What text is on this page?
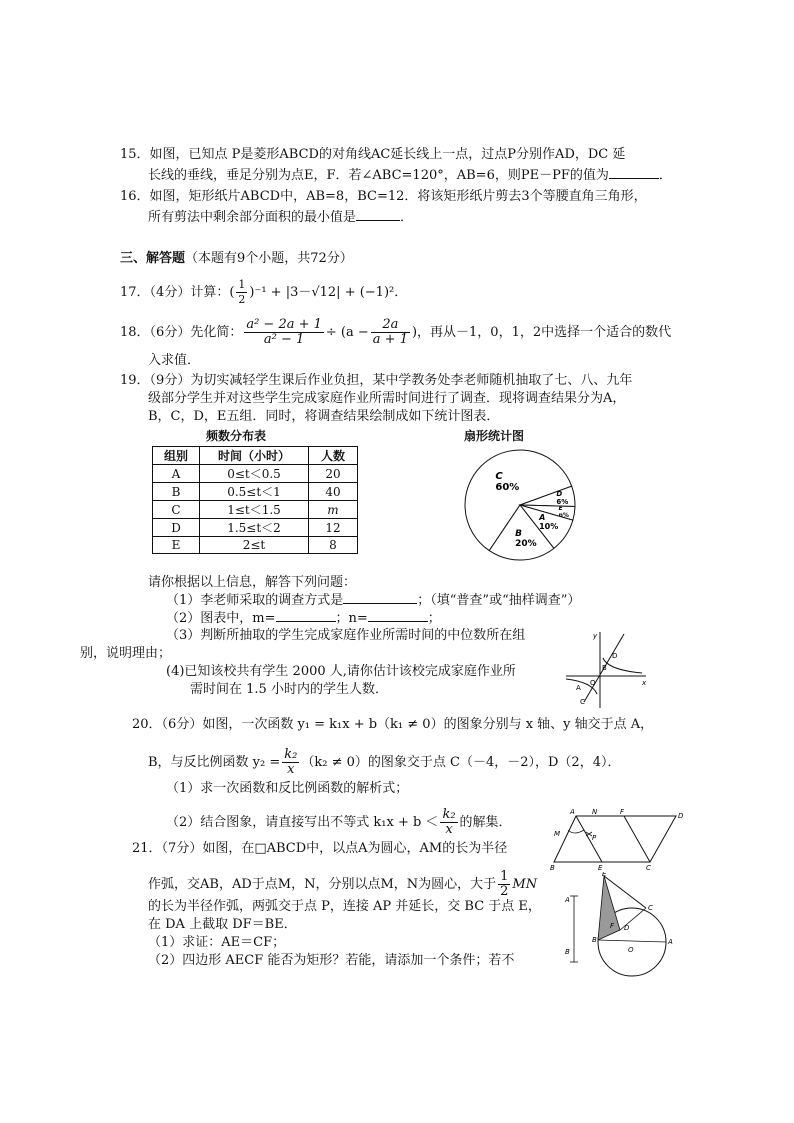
15．如图，已知点 P是菱形ABCD的对角线AC延长线上一点，过点P分别作AD，DC 延
长线的垂线，垂足分别为点E，F．若∠ABC=120°，AB=6，则PE－PF的值为	．
16．如图，矩形纸片ABCD中，AB=8，BC=12．将该矩形纸片剪去3个等腰直角三角形，
所有剪法中剩余部分面积的最小值是	．
三、解答题（本题有9个小题，共72分）
17．（4分）计算：( $\frac{1}{2} )^{-1} + |3-√12| + (-1)^2$．
18．（6分）先化简： $\frac{\text{a² − 2a + 1}}{\text{a² − 1}} \div (a - \frac{2a}{a + 1}$ )，再从－1，0，1，2中选择一个适合的数代
入求值．
19．（9分）为切实减轻学生课后作业负担，某中学教务处李老师随机抽取了七、八、九年
级部分学生并对这些学生完成家庭作业所需时间进行了调查．现将调查结果分为A，
B，C，D，E五组．同时，将调查结果绘制成如下统计图表．
频数分布表	扇形统计图
组别	时间（小时）	人数
A	0≤t＜0.5	20
B	0.5≤t＜1	40
C	1≤t＜1.5	m
D	1.5≤t＜2	12
E	2≤t	8
C
60%
D
6%
E
n%
A
10%
B
20%
请你根据以上信息，解答下列问题：
（1）李老师采取的调查方式是	；（填“普查”或“抽样调查”）
（2）图表中，m=	；n=	；
（3）判断所抽取的学生完成家庭作业所需时间的中位数所在组
别，说明理由；
(4)已知该校共有学生 2000 人,请你估计该校完成家庭作业所
需时间在 1.5 小时内的学生人数．
y
x
D
B
O
A
C
20．（6分）如图，一次函数 y₁ = k₁x + b（k₁ ≠ 0）的图象分别与 x 轴、y 轴交于点 A，
B，与反比例函数 $y_2 = \frac{\text{k₂}}{x} (k_2 \ne 0)$的图象交于点 C（－4，－2），D（2，4）．
（1）求一次函数和反比例函数的解析式；
（2）结合图象，请直接写出不等式 $k_1x + b < \frac{\text{k₂}}{x}$ 的解集．
A N	F	D
M	P
B	E	C
E
A
B
C
D
F
B
O
A
21．（7分）如图，在□ABCD中，以点A为圆心，AM的长为半径
作弧，交AB，AD于点M，N，分别以点M，N为圆心，大于 $\frac{1}{2}$ MN
的长为半径作弧，两弧交于点 P，连接 AP 并延长，交 BC 于点 E，
在 DA 上截取 DF＝BE．
（1）求证：AE＝CF；
（2）四边形 AECF 能否为矩形？若能，请添加一个条件；若不
